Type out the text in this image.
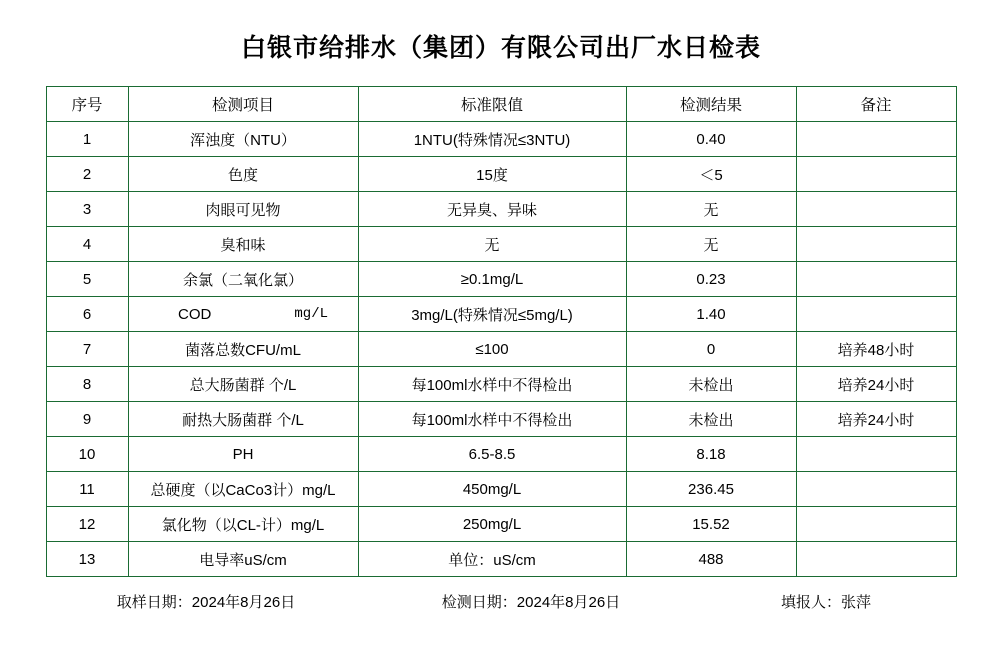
白银市给排水（集团）有限公司出厂水日检表
序号	检测项目	标准限值	检测结果	备注
1	浑浊度（NTU）	1NTU(特殊情况≤3NTU)	0.40	
2	色度	15度	＜5	
3	肉眼可见物	无异臭、异味	无	
4	臭和味	无	无	
5	余氯（二氧化氯）	≥0.1mg/L	0.23	
6	COD mg/L	3mg/L(特殊情况≤5mg/L)	1.40	
7	菌落总数CFU/mL	≤100	0	培养48小时
8	总大肠菌群 个/L	每100ml水样中不得检出	未检出	培养24小时
9	耐热大肠菌群 个/L	每100ml水样中不得检出	未检出	培养24小时
10	PH	6.5-8.5	8.18	
11	总硬度（以CaCo3计）mg/L	450mg/L	236.45	
12	氯化物（以CL-计）mg/L	250mg/L	15.52	
13	电导率uS/cm	单位：uS/cm	488	
取样日期：2024年8月26日	检测日期：2024年8月26日	填报人：张萍
